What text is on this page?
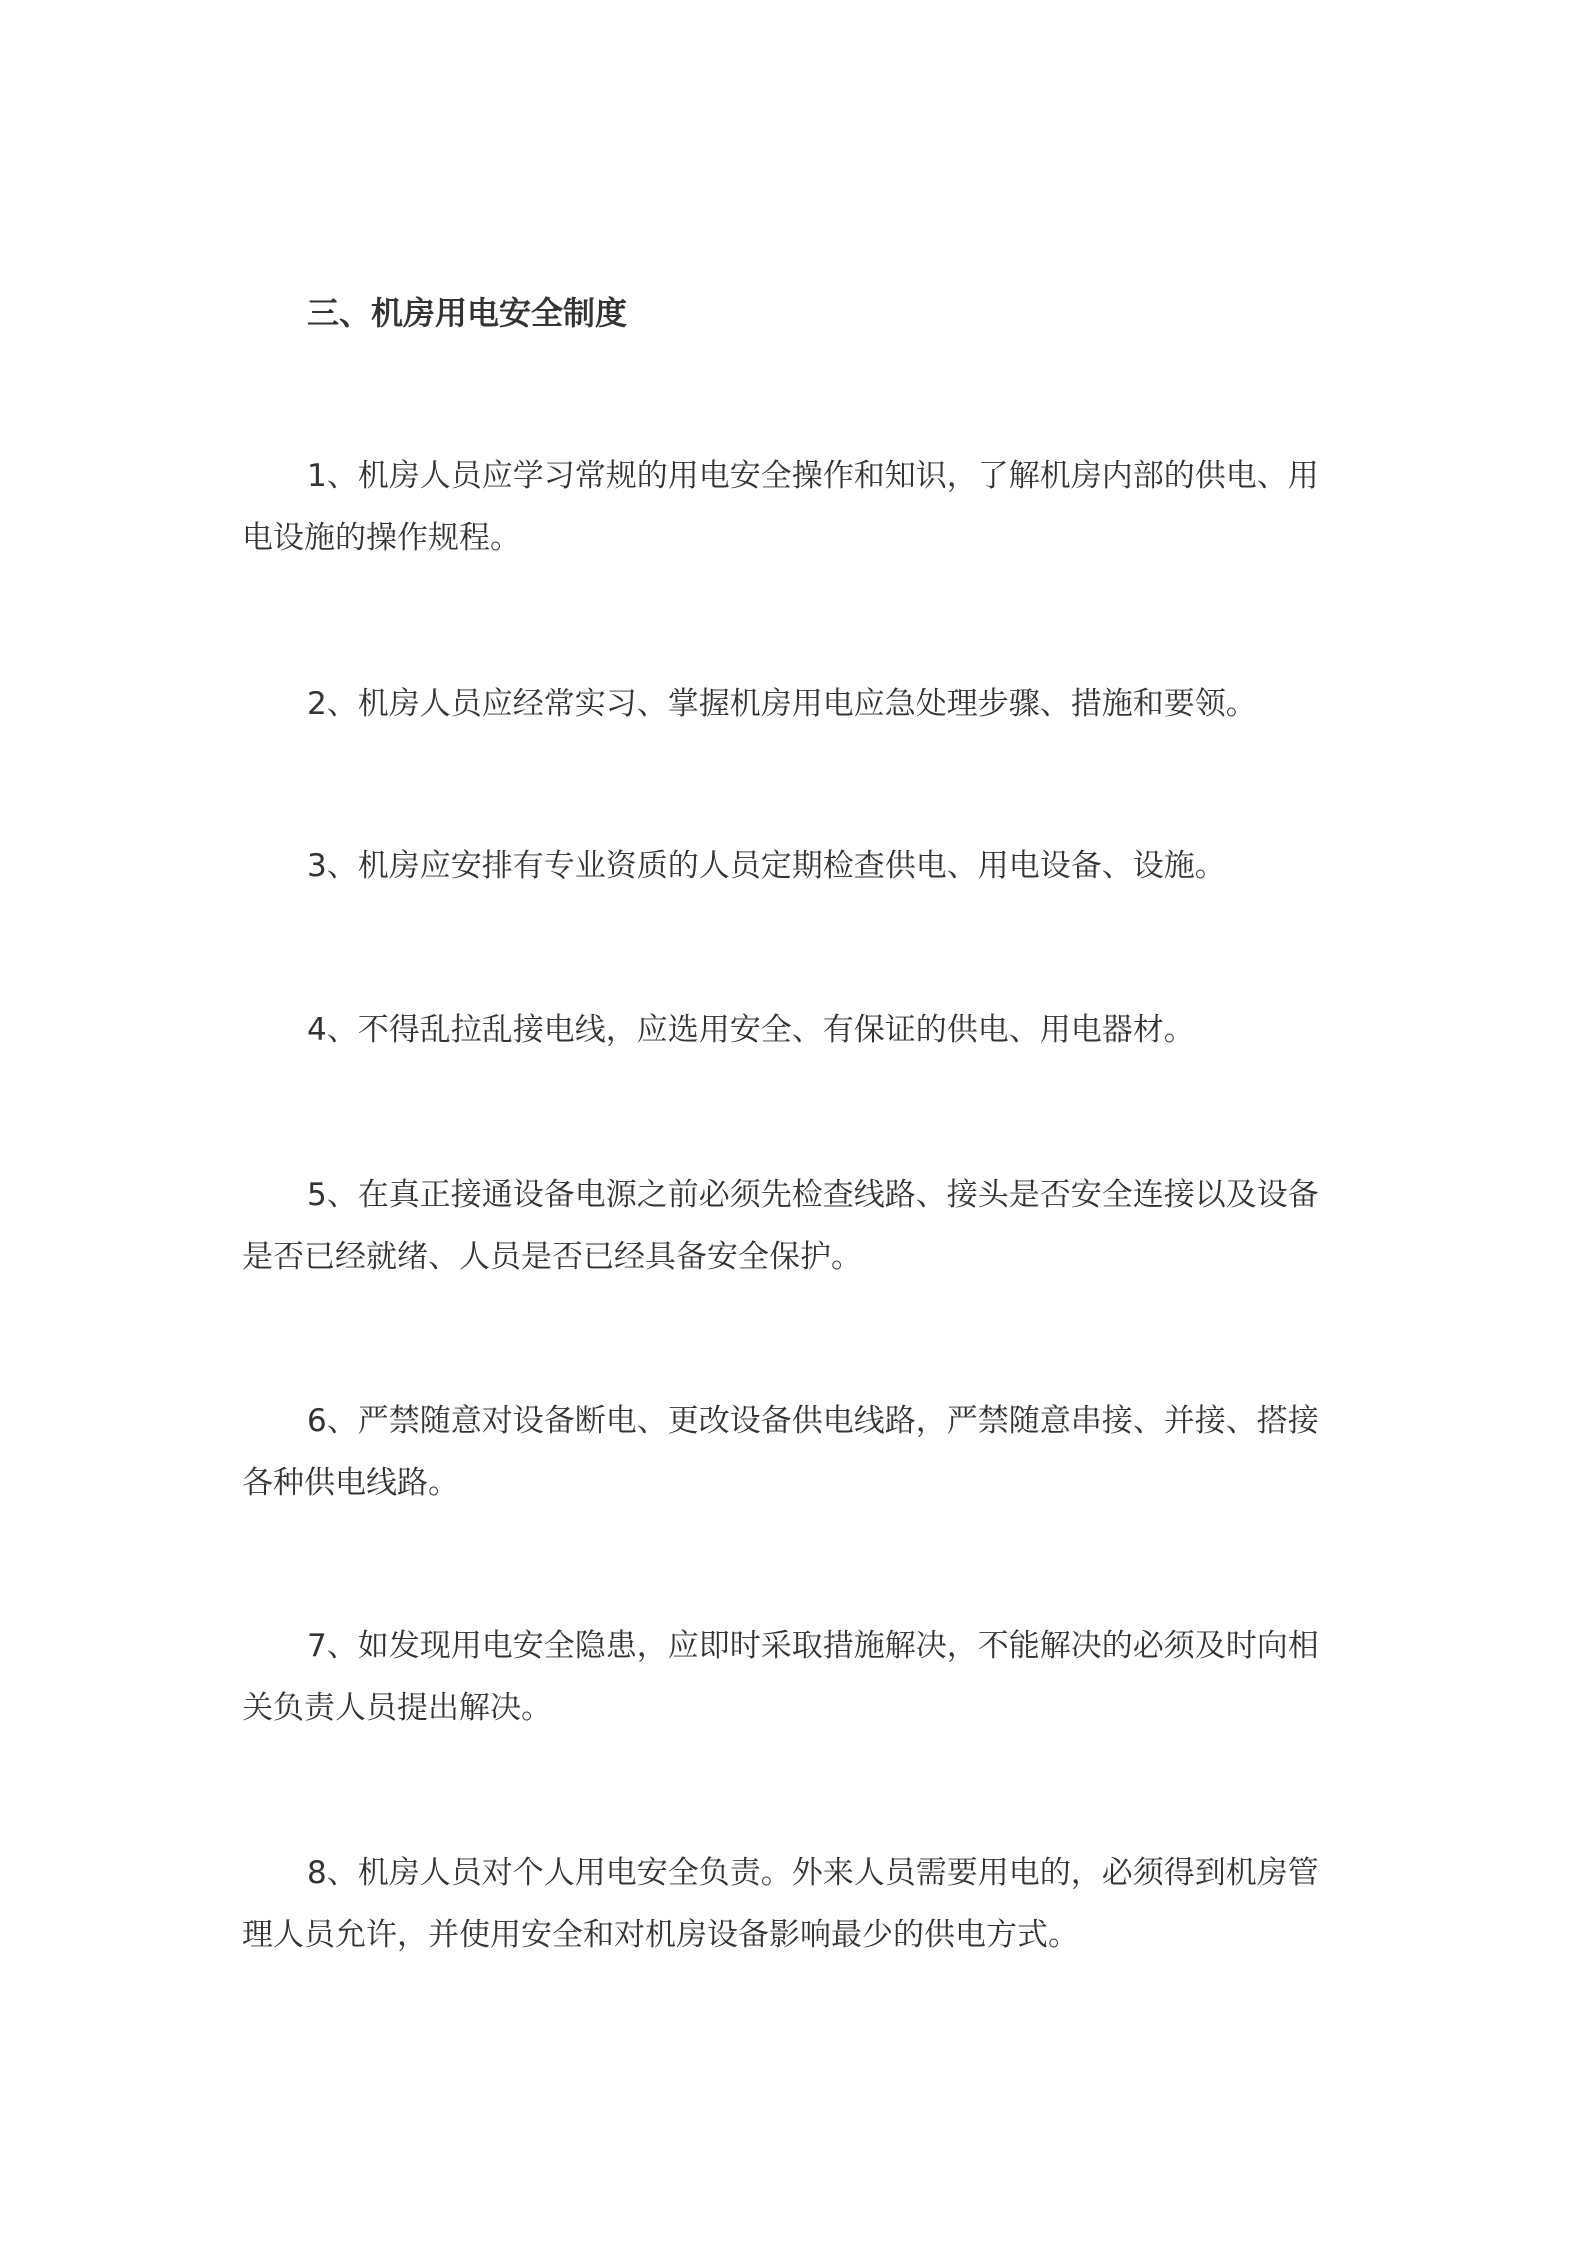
三、机房用电安全制度
1、机房人员应学习常规的用电安全操作和知识，了解机房内部的供电、用
电设施的操作规程。
2、机房人员应经常实习、掌握机房用电应急处理步骤、措施和要领。
3、机房应安排有专业资质的人员定期检查供电、用电设备、设施。
4、不得乱拉乱接电线，应选用安全、有保证的供电、用电器材。
5、在真正接通设备电源之前必须先检查线路、接头是否安全连接以及设备
是否已经就绪、人员是否已经具备安全保护。
6、严禁随意对设备断电、更改设备供电线路，严禁随意串接、并接、搭接
各种供电线路。
7、如发现用电安全隐患，应即时采取措施解决，不能解决的必须及时向相
关负责人员提出解决。
8、机房人员对个人用电安全负责。外来人员需要用电的，必须得到机房管
理人员允许，并使用安全和对机房设备影响最少的供电方式。
